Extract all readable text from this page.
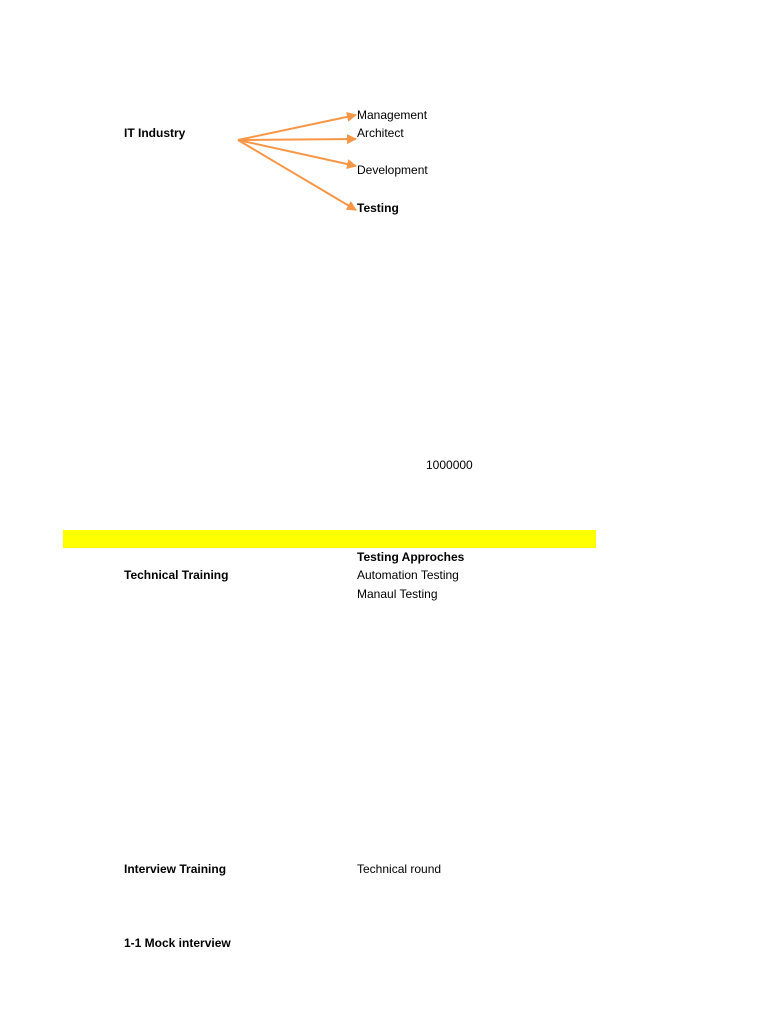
IT Industry
Management
Architect
Development
Testing
1000000
Testing Approches
Technical Training	Automation Testing
Manaul Testing
Interview Training	Technical round
1-1 Mock interview
